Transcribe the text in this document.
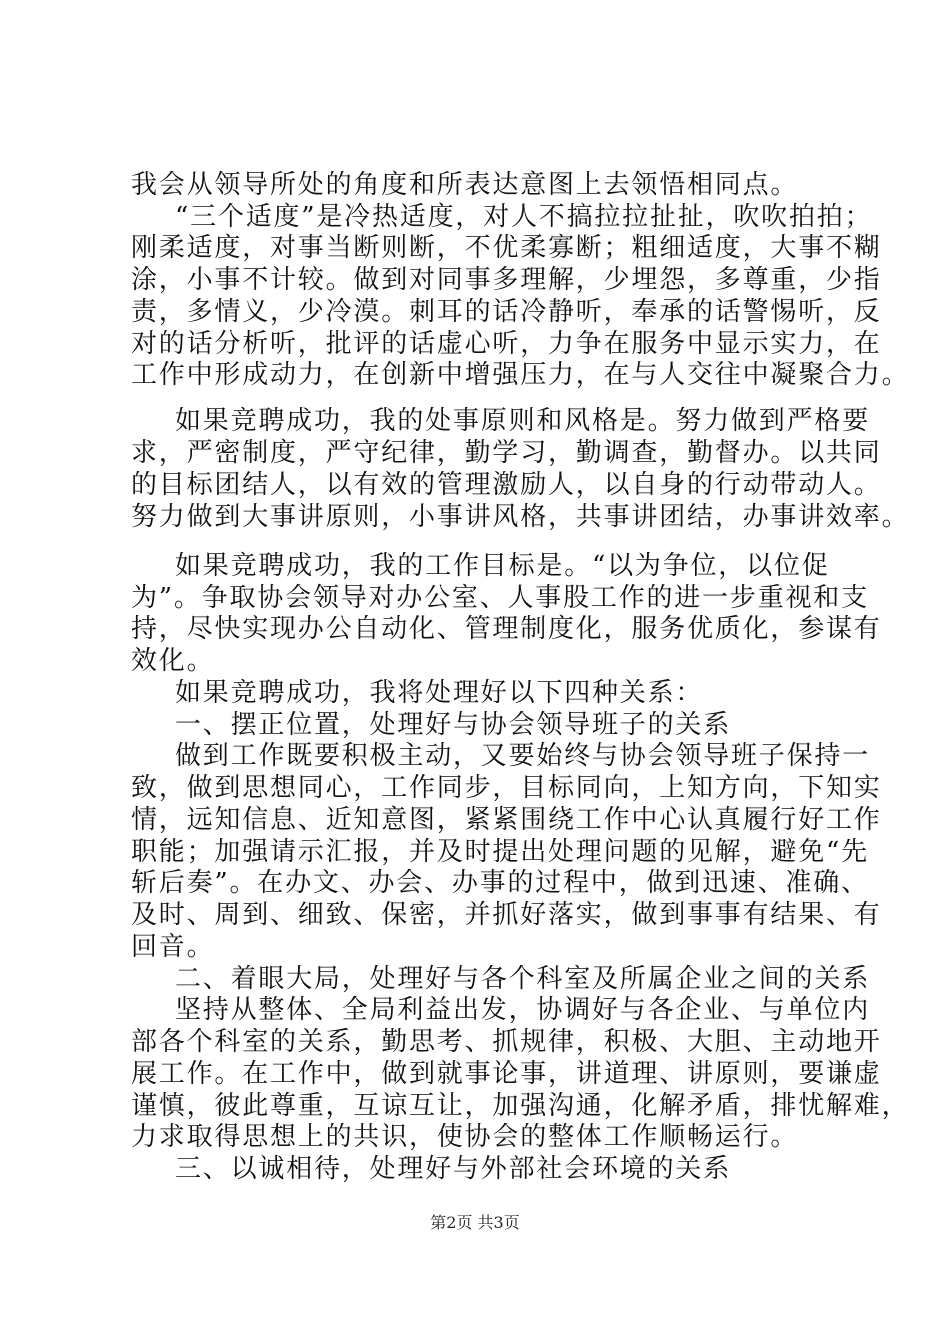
我会从领导所处的角度和所表达意图上去领悟相同点。
“三个适度”是冷热适度，对人不搞拉拉扯扯，吹吹拍拍；
刚柔适度，对事当断则断，不优柔寡断；粗细适度，大事不糊
涂，小事不计较。做到对同事多理解，少埋怨，多尊重，少指
责，多情义，少冷漠。刺耳的话冷静听，奉承的话警惕听，反
对的话分析听，批评的话虚心听，力争在服务中显示实力，在
工作中形成动力，在创新中增强压力，在与人交往中凝聚合力。
如果竞聘成功，我的处事原则和风格是。努力做到严格要
求，严密制度，严守纪律，勤学习，勤调查，勤督办。以共同
的目标团结人，以有效的管理激励人，以自身的行动带动人。
努力做到大事讲原则，小事讲风格，共事讲团结，办事讲效率。
如果竞聘成功，我的工作目标是。“以为争位，以位促
为”。争取协会领导对办公室、人事股工作的进一步重视和支
持，尽快实现办公自动化、管理制度化，服务优质化，参谋有
效化。
如果竞聘成功，我将处理好以下四种关系：
一、摆正位置，处理好与协会领导班子的关系
做到工作既要积极主动，又要始终与协会领导班子保持一
致，做到思想同心，工作同步，目标同向，上知方向，下知实
情，远知信息、近知意图，紧紧围绕工作中心认真履行好工作
职能；加强请示汇报，并及时提出处理问题的见解，避免“先
斩后奏”。在办文、办会、办事的过程中，做到迅速、准确、
及时、周到、细致、保密，并抓好落实，做到事事有结果、有
回音。
二、着眼大局，处理好与各个科室及所属企业之间的关系
坚持从整体、全局利益出发，协调好与各企业、与单位内
部各个科室的关系，勤思考、抓规律，积极、大胆、主动地开
展工作。在工作中，做到就事论事，讲道理、讲原则，要谦虚
谨慎，彼此尊重，互谅互让，加强沟通，化解矛盾，排忧解难，
力求取得思想上的共识，使协会的整体工作顺畅运行。
三、以诚相待，处理好与外部社会环境的关系
第2页 共3页
